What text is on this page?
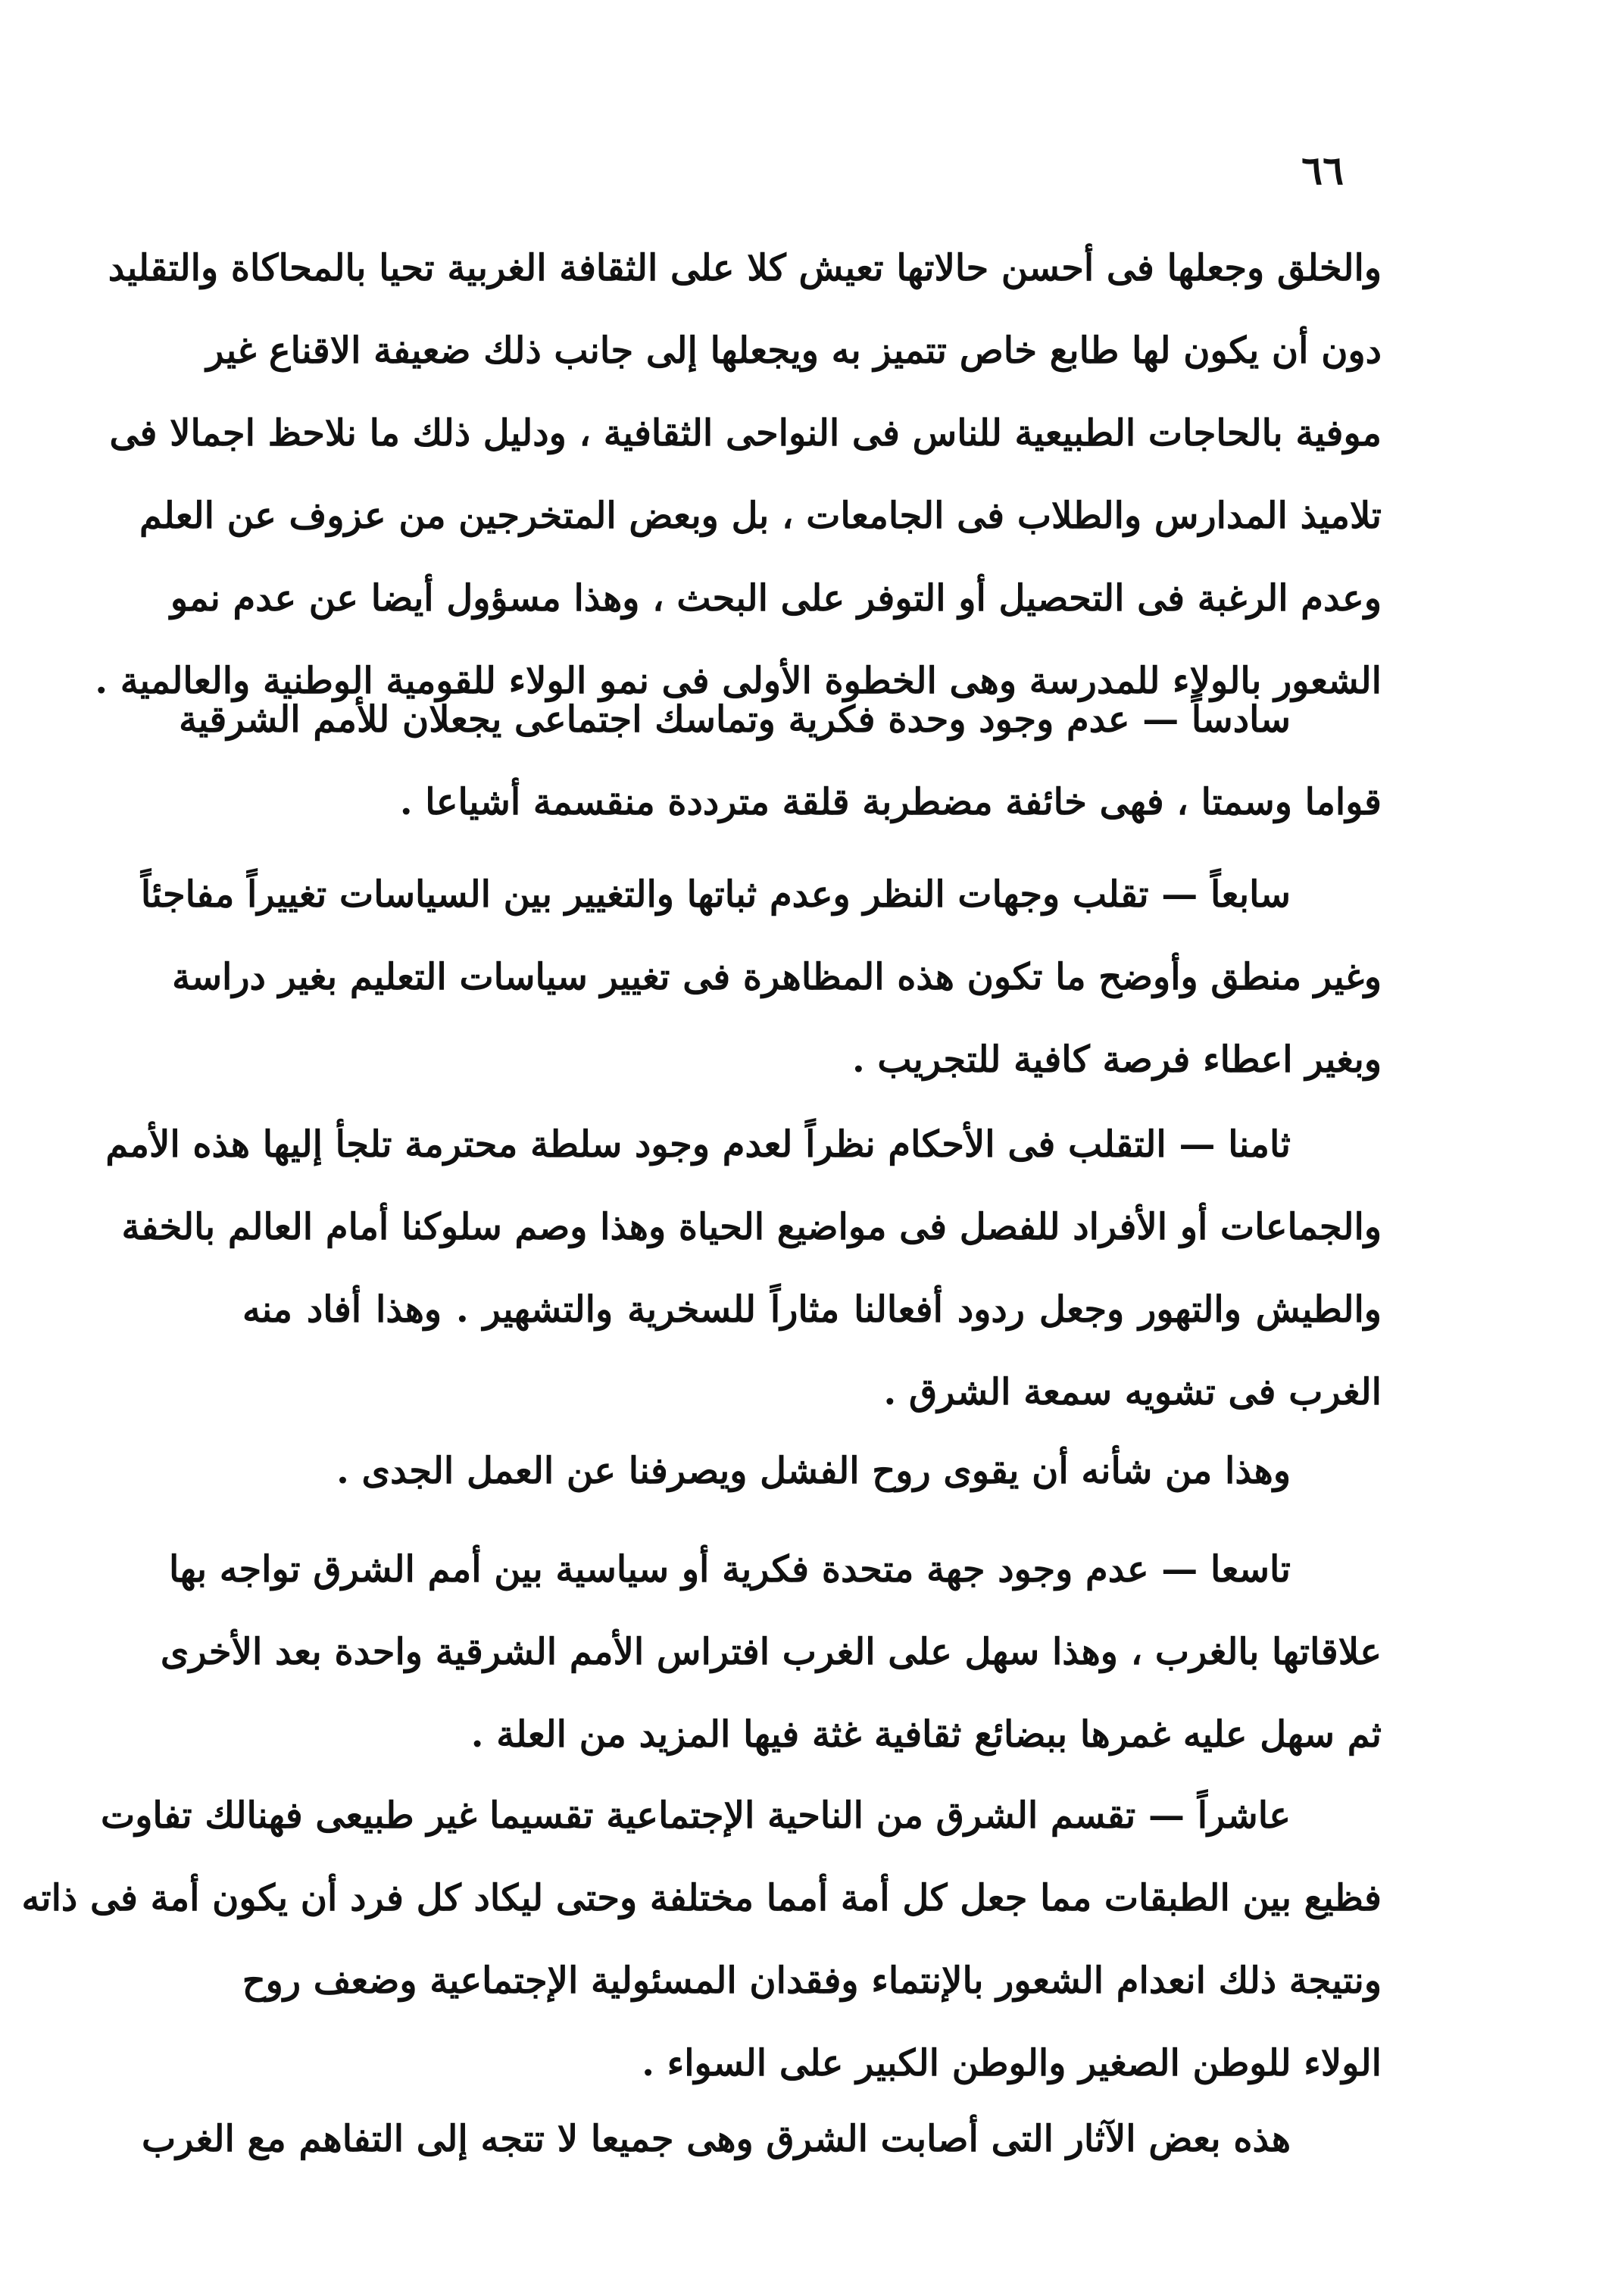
٦٦
والخلق وجعلها فى أحسن حالاتها تعيش كلا على الثقافة الغربية تحيا بالمحاكاة والتقليد
دون أن يكون لها طابع خاص تتميز به ويجعلها إلى جانب ذلك ضعيفة الاقناع غير
موفية بالحاجات الطبيعية للناس فى النواحى الثقافية ، ودليل ذلك ما نلاحظ اجمالا فى
تلاميذ المدارس والطلاب فى الجامعات ، بل وبعض المتخرجين من عزوف عن العلم
وعدم الرغبة فى التحصيل أو التوفر على البحث ، وهذا مسؤول أيضا عن عدم نمو
الشعور بالولاء للمدرسة وهى الخطوة الأولى فى نمو الولاء للقومية الوطنية والعالمية .
سادساً — عدم وجود وحدة فكرية وتماسك اجتماعى يجعلان للأمم الشرقية
قواما وسمتا ، فهى خائفة مضطربة قلقة مترددة منقسمة أشياعا .
سابعاً — تقلب وجهات النظر وعدم ثباتها والتغيير بين السياسات تغييراً مفاجئاً
وغير منطق وأوضح ما تكون هذه المظاهرة فى تغيير سياسات التعليم بغير دراسة
وبغير اعطاء فرصة كافية للتجريب .
ثامنا — التقلب فى الأحكام نظراً لعدم وجود سلطة محترمة تلجأ إليها هذه الأمم
والجماعات أو الأفراد للفصل فى مواضيع الحياة وهذا وصم سلوكنا أمام العالم بالخفة
والطيش والتهور وجعل ردود أفعالنا مثاراً للسخرية والتشهير . وهذا أفاد منه
الغرب فى تشويه سمعة الشرق .
وهذا من شأنه أن يقوى روح الفشل ويصرفنا عن العمل الجدى .
تاسعا — عدم وجود جهة متحدة فكرية أو سياسية بين أمم الشرق تواجه بها
علاقاتها بالغرب ، وهذا سهل على الغرب افتراس الأمم الشرقية واحدة بعد الأخرى
ثم سهل عليه غمرها ببضائع ثقافية غثة فيها المزيد من العلة .
عاشراً — تقسم الشرق من الناحية الإجتماعية تقسيما غير طبيعى فهنالك تفاوت
فظيع بين الطبقات مما جعل كل أمة أمما مختلفة وحتى ليكاد كل فرد أن يكون أمة فى ذاته
ونتيجة ذلك انعدام الشعور بالإنتماء وفقدان المسئولية الإجتماعية وضعف روح
الولاء للوطن الصغير والوطن الكبير على السواء .
هذه بعض الآثار التى أصابت الشرق وهى جميعا لا تتجه إلى التفاهم مع الغرب
